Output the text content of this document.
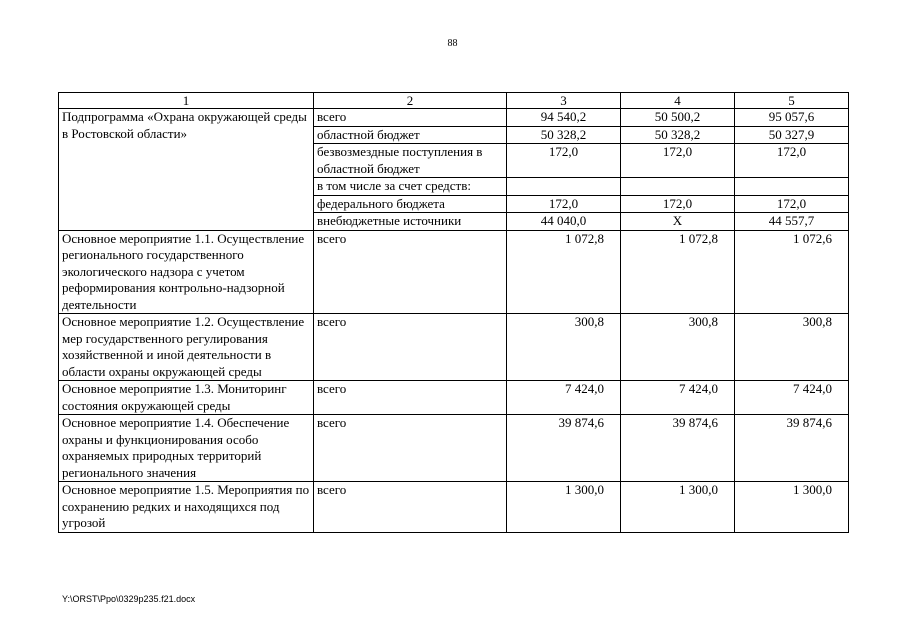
88
1	2	3	4	5
Подпрограмма «Охрана окружающей среды в Ростовской области»	всего	94 540,2	50 500,2	95 057,6
	областной бюджет	50 328,2	50 328,2	50 327,9
	безвозмездные поступления в областной бюджет	172,0	172,0	172,0
	в том числе за счет средств:			
	федерального бюджета	172,0	172,0	172,0
	внебюджетные источники	44 040,0	Х	44 557,7
Основное мероприятие 1.1. Осуществление регионального государственного экологического надзора с учетом реформирования контрольно-надзорной деятельности	всего	1 072,8	1 072,8	1 072,6
Основное мероприятие 1.2. Осуществление мер государственного регулирования хозяйственной и иной деятельности в области охраны окружающей среды	всего	300,8	300,8	300,8
Основное мероприятие 1.3. Мониторинг состояния окружающей среды	всего	7 424,0	7 424,0	7 424,0
Основное мероприятие 1.4. Обеспечение охраны и функционирования особо охраняемых природных территорий регионального значения	всего	39 874,6	39 874,6	39 874,6
Основное мероприятие 1.5. Мероприятия по сохранению редких и находящихся под угрозой	всего	1 300,0	1 300,0	1 300,0
Y:\ORST\Ppo\0329p235.f21.docx
